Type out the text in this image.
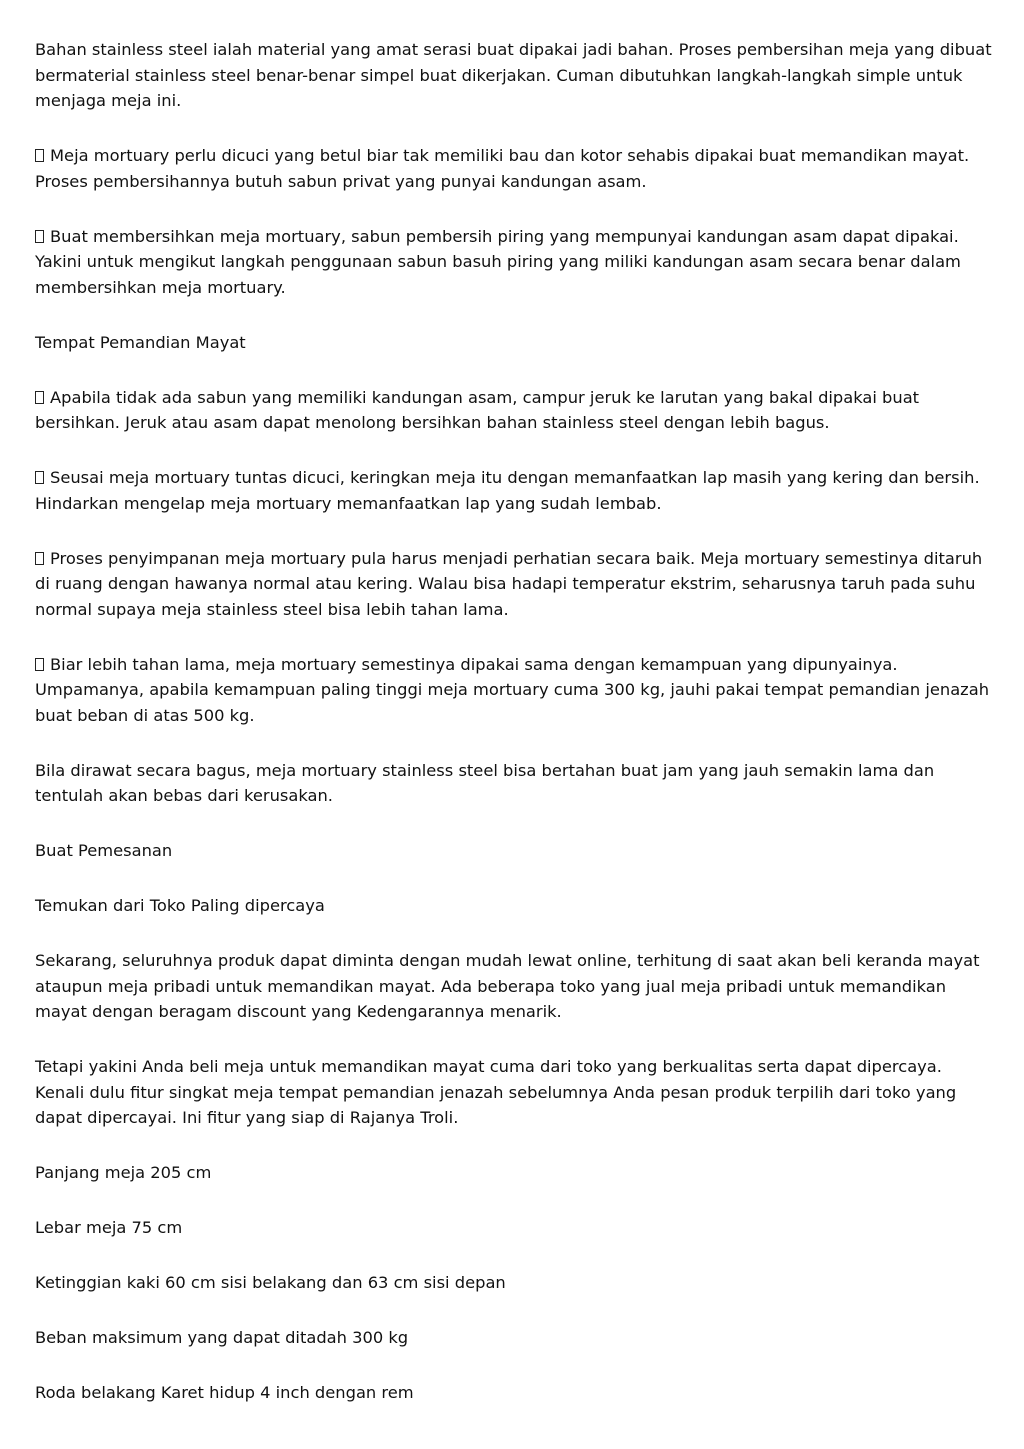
Bahan stainless steel ialah material yang amat serasi buat dipakai jadi bahan. Proses pembersihan meja yang dibuat bermaterial stainless steel benar-benar simpel buat dikerjakan. Cuman dibutuhkan langkah-langkah simple untuk menjaga meja ini.

Meja mortuary perlu dicuci yang betul biar tak memiliki bau dan kotor sehabis dipakai buat memandikan mayat. Proses pembersihannya butuh sabun privat yang punyai kandungan asam.

Buat membersihkan meja mortuary, sabun pembersih piring yang mempunyai kandungan asam dapat dipakai. Yakini untuk mengikut langkah penggunaan sabun basuh piring yang miliki kandungan asam secara benar dalam membersihkan meja mortuary.

Tempat Pemandian Mayat

Apabila tidak ada sabun yang memiliki kandungan asam, campur jeruk ke larutan yang bakal dipakai buat bersihkan. Jeruk atau asam dapat menolong bersihkan bahan stainless steel dengan lebih bagus.

Seusai meja mortuary tuntas dicuci, keringkan meja itu dengan memanfaatkan lap masih yang kering dan bersih. Hindarkan mengelap meja mortuary memanfaatkan lap yang sudah lembab.

Proses penyimpanan meja mortuary pula harus menjadi perhatian secara baik. Meja mortuary semestinya ditaruh di ruang dengan hawanya normal atau kering. Walau bisa hadapi temperatur ekstrim, seharusnya taruh pada suhu normal supaya meja stainless steel bisa lebih tahan lama.

Biar lebih tahan lama, meja mortuary semestinya dipakai sama dengan kemampuan yang dipunyainya. Umpamanya, apabila kemampuan paling tinggi meja mortuary cuma 300 kg, jauhi pakai tempat pemandian jenazah buat beban di atas 500 kg.

Bila dirawat secara bagus, meja mortuary stainless steel bisa bertahan buat jam yang jauh semakin lama dan tentulah akan bebas dari kerusakan.

Buat Pemesanan

Temukan dari Toko Paling dipercaya

Sekarang, seluruhnya produk dapat diminta dengan mudah lewat online, terhitung di saat akan beli keranda mayat ataupun meja pribadi untuk memandikan mayat. Ada beberapa toko yang jual meja pribadi untuk memandikan mayat dengan beragam discount yang Kedengarannya menarik.

Tetapi yakini Anda beli meja untuk memandikan mayat cuma dari toko yang berkualitas serta dapat dipercaya. Kenali dulu fitur singkat meja tempat pemandian jenazah sebelumnya Anda pesan produk terpilih dari toko yang dapat dipercayai. Ini fitur yang siap di Rajanya Troli.

Panjang meja 205 cm

Lebar meja 75 cm

Ketinggian kaki 60 cm sisi belakang dan 63 cm sisi depan

Beban maksimum yang dapat ditadah 300 kg

Roda belakang Karet hidup 4 inch dengan rem
